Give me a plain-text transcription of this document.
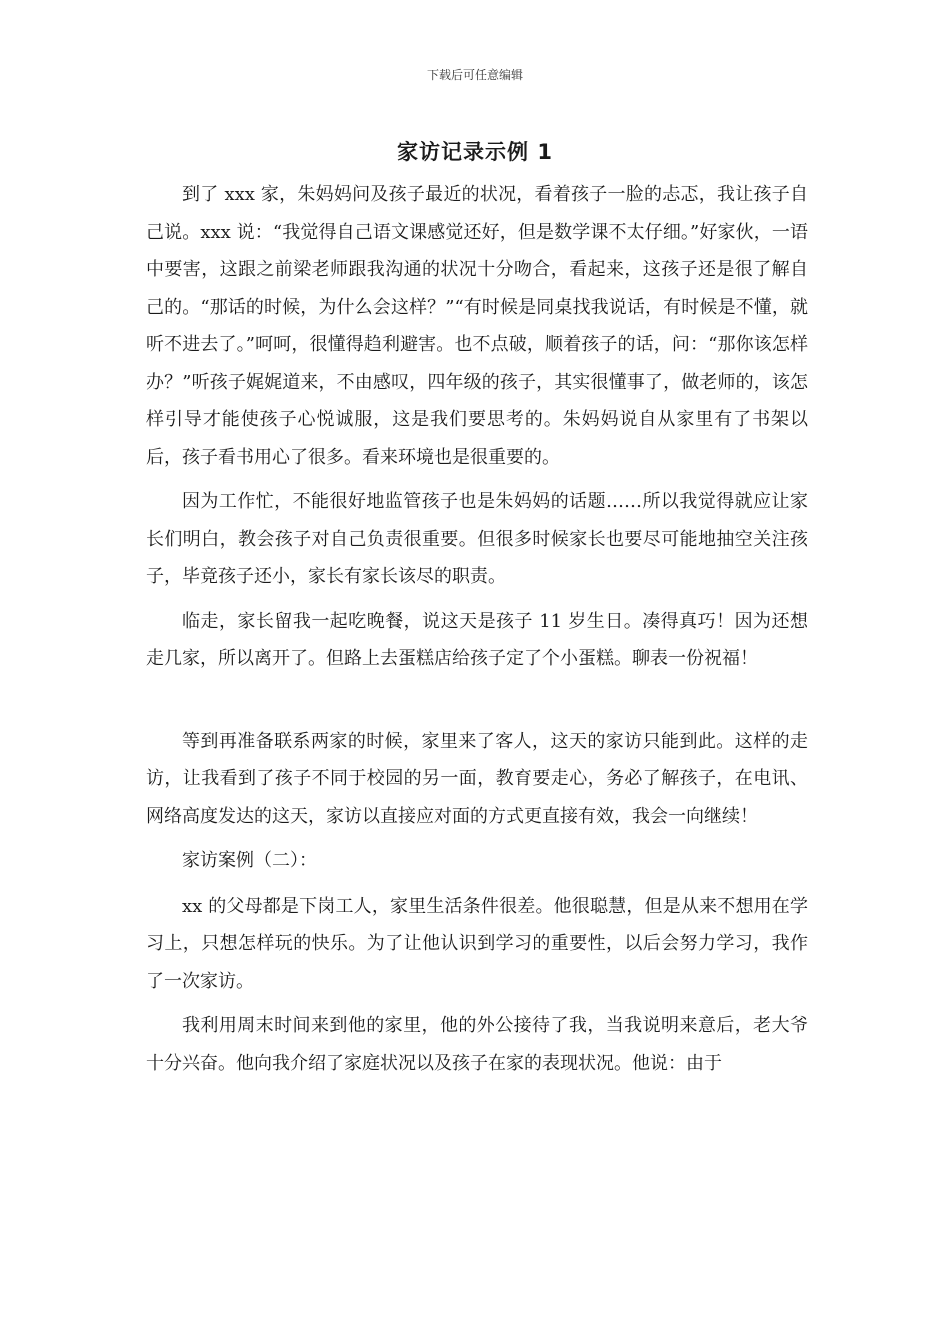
下载后可任意编辑
家访记录示例 1

到了 xxx 家，朱妈妈问及孩子最近的状况，看着孩子一脸的忐忑，我让孩子自己说。xxx 说：“我觉得自己语文课感觉还好，但是数学课不太仔细。”好家伙，一语中要害，这跟之前梁老师跟我沟通的状况十分吻合，看起来，这孩子还是很了解自己的。“那话的时候，为什么会这样？”“有时候是同桌找我说话，有时候是不懂，就听不进去了。”呵呵，很懂得趋利避害。也不点破，顺着孩子的话，问：“那你该怎样办？”听孩子娓娓道来，不由感叹，四年级的孩子，其实很懂事了，做老师的，该怎样引导才能使孩子心悦诚服，这是我们要思考的。朱妈妈说自从家里有了书架以后，孩子看书用心了很多。看来环境也是很重要的。

因为工作忙，不能很好地监管孩子也是朱妈妈的话题……所以我觉得就应让家长们明白，教会孩子对自己负责很重要。但很多时候家长也要尽可能地抽空关注孩子，毕竟孩子还小，家长有家长该尽的职责。

临走，家长留我一起吃晚餐，说这天是孩子 11 岁生日。凑得真巧！因为还想走几家，所以离开了。但路上去蛋糕店给孩子定了个小蛋糕。聊表一份祝福！

等到再准备联系两家的时候，家里来了客人，这天的家访只能到此。这样的走访，让我看到了孩子不同于校园的另一面，教育要走心，务必了解孩子，在电讯、网络高度发达的这天，家访以直接应对面的方式更直接有效，我会一向继续！

家访案例（二）：

xx 的父母都是下岗工人，家里生活条件很差。他很聪慧，但是从来不想用在学习上，只想怎样玩的快乐。为了让他认识到学习的重要性，以后会努力学习，我作了一次家访。

我利用周末时间来到他的家里，他的外公接待了我，当我说明来意后，老大爷十分兴奋。他向我介绍了家庭状况以及孩子在家的表现状况。他说：由于
